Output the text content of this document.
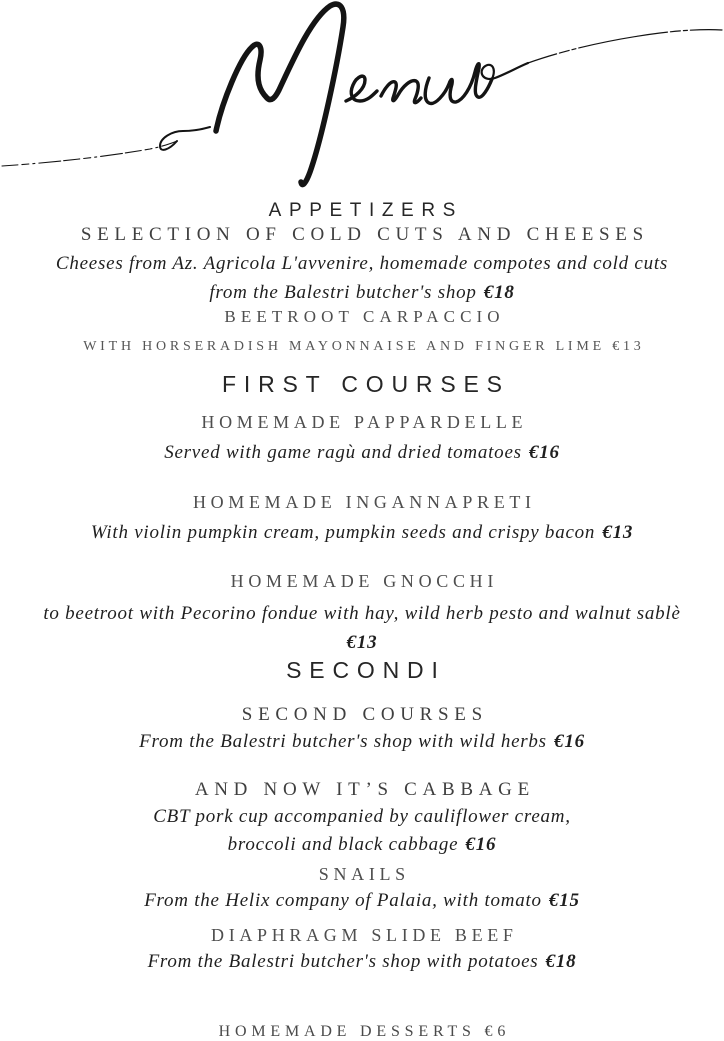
APPETIZERS
SELECTION OF COLD CUTS AND CHEESES

Cheeses from Az. Agricola L'avvenire, homemade compotes and cold cuts

from the Balestri butcher's shop €18

BEETROOT CARPACCIO

WITH HORSERADISH MAYONNAISE AND FINGER LIME €13

FIRST COURSES
HOMEMADE PAPPARDELLE

Served with game ragù and dried tomatoes €16

HOMEMADE INGANNAPRETI

With violin pumpkin cream, pumpkin seeds and crispy bacon €13

HOMEMADE GNOCCHI

to beetroot with Pecorino fondue with hay, wild herb pesto and walnut sablè

€13

SECONDI
SECOND COURSES

From the Balestri butcher's shop with wild herbs €16

AND NOW IT’S CABBAGE

CBT pork cup accompanied by cauliflower cream,

broccoli and black cabbage €16

SNAILS

From the Helix company of Palaia, with tomato €15

DIAPHRAGM SLIDE BEEF

From the Balestri butcher's shop with potatoes €18

HOMEMADE DESSERTS €6
